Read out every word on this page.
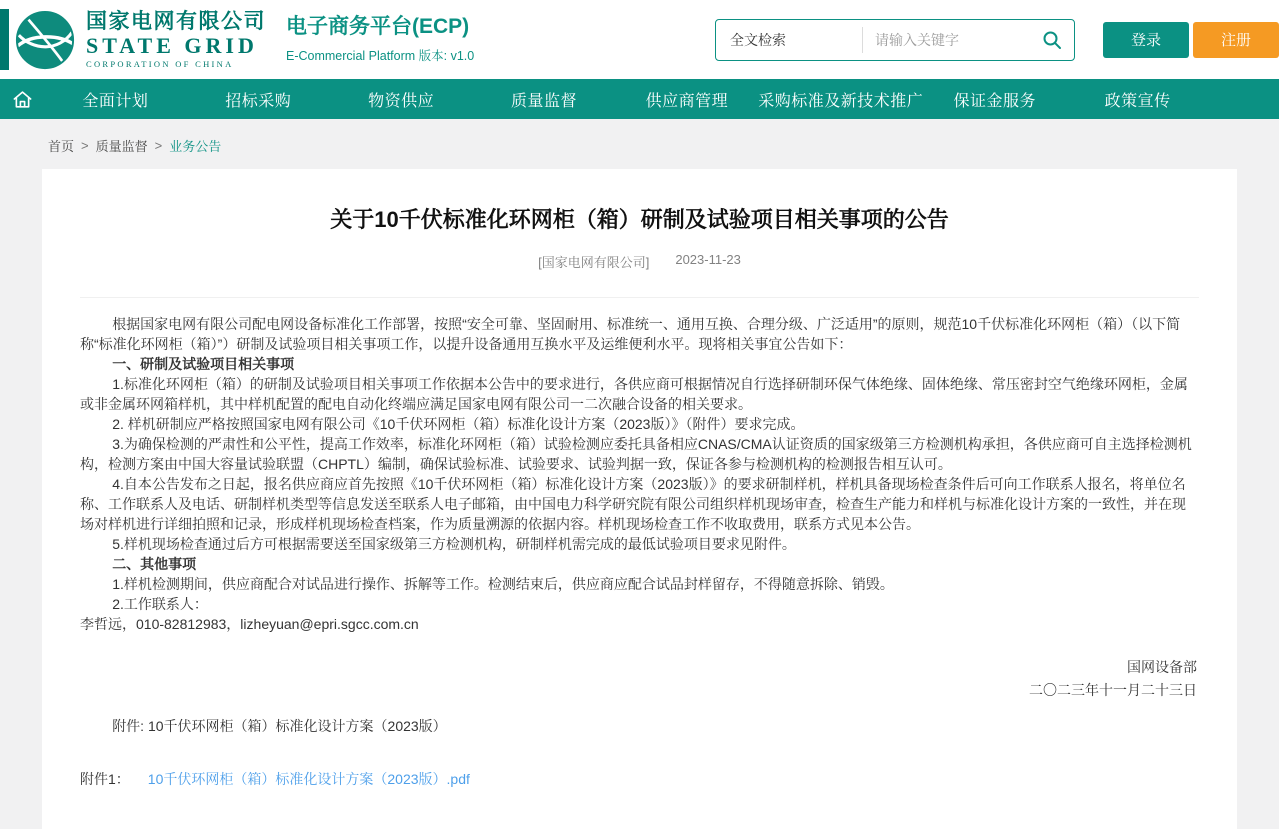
国家电网有限公司
STATE GRID
CORPORATION OF CHINA
电子商务平台(ECP)
E-Commercial Platform 版本: v1.0
全文检索
请输入关键字	登录	注册
全面计划	招标采购	物资供应	质量监督	供应商管理	采购标准及新技术推广	保证金服务	政策宣传
首页 > 质量监督 > 业务公告
关于10千伏标准化环网柜（箱）研制及试验项目相关事项的公告
[国家电网有限公司] 2023-11-23

根据国家电网有限公司配电网设备标准化工作部署，按照“安全可靠、坚固耐用、标准统一、通用互换、合理分级、广泛适用”的原则，规范10千伏标准化环网柜（箱）（以下简称“标准化环网柜（箱）”）研制及试验项目相关事项工作，以提升设备通用互换水平及运维便利水平。现将相关事宜公告如下：

一、研制及试验项目相关事项

1.标准化环网柜（箱）的研制及试验项目相关事项工作依据本公告中的要求进行，各供应商可根据情况自行选择研制环保气体绝缘、固体绝缘、常压密封空气绝缘环网柜，金属或非金属环网箱样机，其中样机配置的配电自动化终端应满足国家电网有限公司一二次融合设备的相关要求。

2. 样机研制应严格按照国家电网有限公司《10千伏环网柜（箱）标准化设计方案（2023版）》（附件）要求完成。

3.为确保检测的严肃性和公平性，提高工作效率，标准化环网柜（箱）试验检测应委托具备相应CNAS/CMA认证资质的国家级第三方检测机构承担，各供应商可自主选择检测机构，检测方案由中国大容量试验联盟（CHPTL）编制，确保试验标准、试验要求、试验判据一致，保证各参与检测机构的检测报告相互认可。

4.自本公告发布之日起，报名供应商应首先按照《10千伏环网柜（箱）标准化设计方案（2023版）》的要求研制样机，样机具备现场检查条件后可向工作联系人报名，将单位名称、工作联系人及电话、研制样机类型等信息发送至联系人电子邮箱，由中国电力科学研究院有限公司组织样机现场审查，检查生产能力和样机与标准化设计方案的一致性，并在现场对样机进行详细拍照和记录，形成样机现场检查档案，作为质量溯源的依据内容。样机现场检查工作不收取费用，联系方式见本公告。

5.样机现场检查通过后方可根据需要送至国家级第三方检测机构，研制样机需完成的最低试验项目要求见附件。

二、其他事项

1.样机检测期间，供应商配合对试品进行操作、拆解等工作。检测结束后，供应商应配合试品封样留存，不得随意拆除、销毁。

2.工作联系人：

李哲远，010-82812983，lizheyuan@epri.sgcc.com.cn

国网设备部
二〇二三年十一月二十三日
附件: 10千伏环网柜（箱）标准化设计方案（2023版）
附件1： 10千伏环网柜（箱）标准化设计方案（2023版）.pdf
